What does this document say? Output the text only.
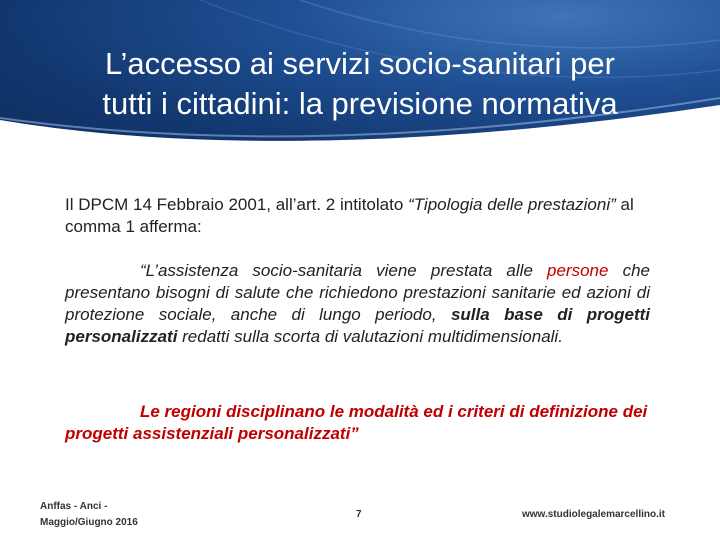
L’accesso ai servizi socio-sanitari per
tutti i cittadini: la previsione normativa
Il DPCM 14 Febbraio 2001, all’art. 2 intitolato “Tipologia delle prestazioni” al comma 1 afferma:
“L’assistenza socio-sanitaria viene prestata alle persone che presentano bisogni di salute che richiedono prestazioni sanitarie ed azioni di protezione sociale, anche di lungo periodo, sulla base di progetti personalizzati redatti sulla scorta di valutazioni multidimensionali.
Le regioni disciplinano le modalità ed i criteri di definizione dei progetti assistenziali personalizzati”
Anffas - Anci -
Maggio/Giugno 2016
7	www.studiolegalemarcellino.it
